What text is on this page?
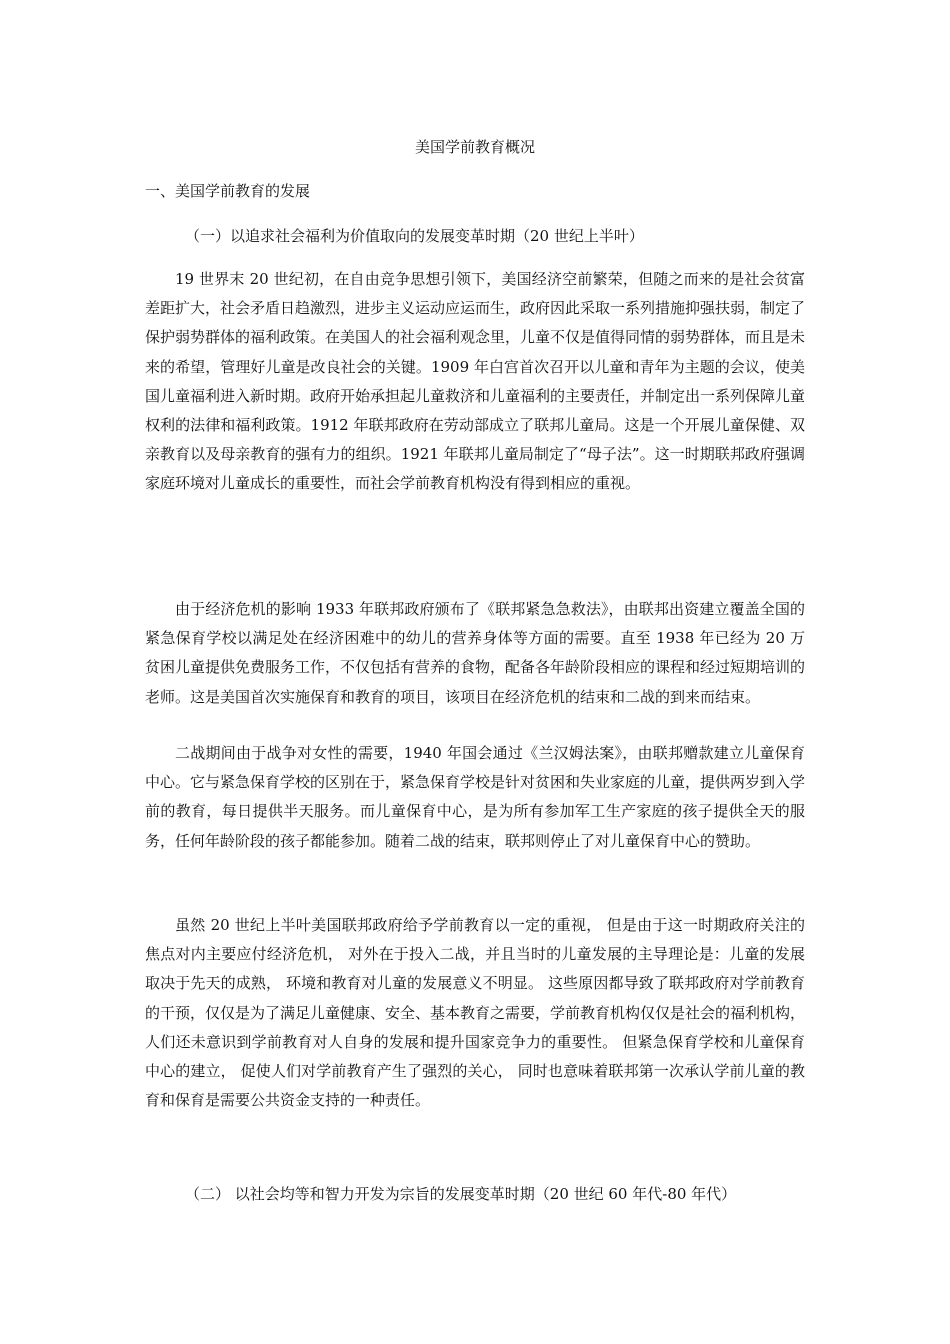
美国学前教育概况
一、美国学前教育的发展
（一）以追求社会福利为价值取向的发展变革时期（20 世纪上半叶）

19 世界末 20 世纪初，在自由竞争思想引领下，美国经济空前繁荣，但随之而来的是社会贫富差距扩大，社会矛盾日趋激烈，进步主义运动应运而生，政府因此采取一系列措施抑强扶弱，制定了保护弱势群体的福利政策。在美国人的社会福利观念里，儿童不仅是值得同情的弱势群体，而且是未来的希望，管理好儿童是改良社会的关键。1909 年白宫首次召开以儿童和青年为主题的会议，使美国儿童福利进入新时期。政府开始承担起儿童救济和儿童福利的主要责任，并制定出一系列保障儿童权利的法律和福利政策。1912 年联邦政府在劳动部成立了联邦儿童局。这是一个开展儿童保健、双亲教育以及母亲教育的强有力的组织。1921 年联邦儿童局制定了“母子法”。这一时期联邦政府强调家庭环境对儿童成长的重要性，而社会学前教育机构没有得到相应的重视。

由于经济危机的影响 1933 年联邦政府颁布了《联邦紧急急救法》，由联邦出资建立覆盖全国的紧急保育学校以满足处在经济困难中的幼儿的营养身体等方面的需要。直至 1938 年已经为 20 万贫困儿童提供免费服务工作，不仅包括有营养的食物，配备各年龄阶段相应的课程和经过短期培训的老师。这是美国首次实施保育和教育的项目，该项目在经济危机的结束和二战的到来而结束。

二战期间由于战争对女性的需要，1940 年国会通过《兰汉姆法案》，由联邦赠款建立儿童保育中心。它与紧急保育学校的区别在于，紧急保育学校是针对贫困和失业家庭的儿童，提供两岁到入学前的教育，每日提供半天服务。而儿童保育中心，是为所有参加军工生产家庭的孩子提供全天的服务，任何年龄阶段的孩子都能参加。随着二战的结束，联邦则停止了对儿童保育中心的赞助。

虽然 20 世纪上半叶美国联邦政府给予学前教育以一定的重视， 但是由于这一时期政府关注的焦点对内主要应付经济危机， 对外在于投入二战，并且当时的儿童发展的主导理论是：儿童的发展取决于先天的成熟， 环境和教育对儿童的发展意义不明显。 这些原因都导致了联邦政府对学前教育的干预，仅仅是为了满足儿童健康、安全、基本教育之需要，学前教育机构仅仅是社会的福利机构， 人们还未意识到学前教育对人自身的发展和提升国家竞争力的重要性。 但紧急保育学校和儿童保育中心的建立， 促使人们对学前教育产生了强烈的关心， 同时也意味着联邦第一次承认学前儿童的教育和保育是需要公共资金支持的一种责任。

（二） 以社会均等和智力开发为宗旨的发展变革时期（20 世纪 60 年代-80 年代）
